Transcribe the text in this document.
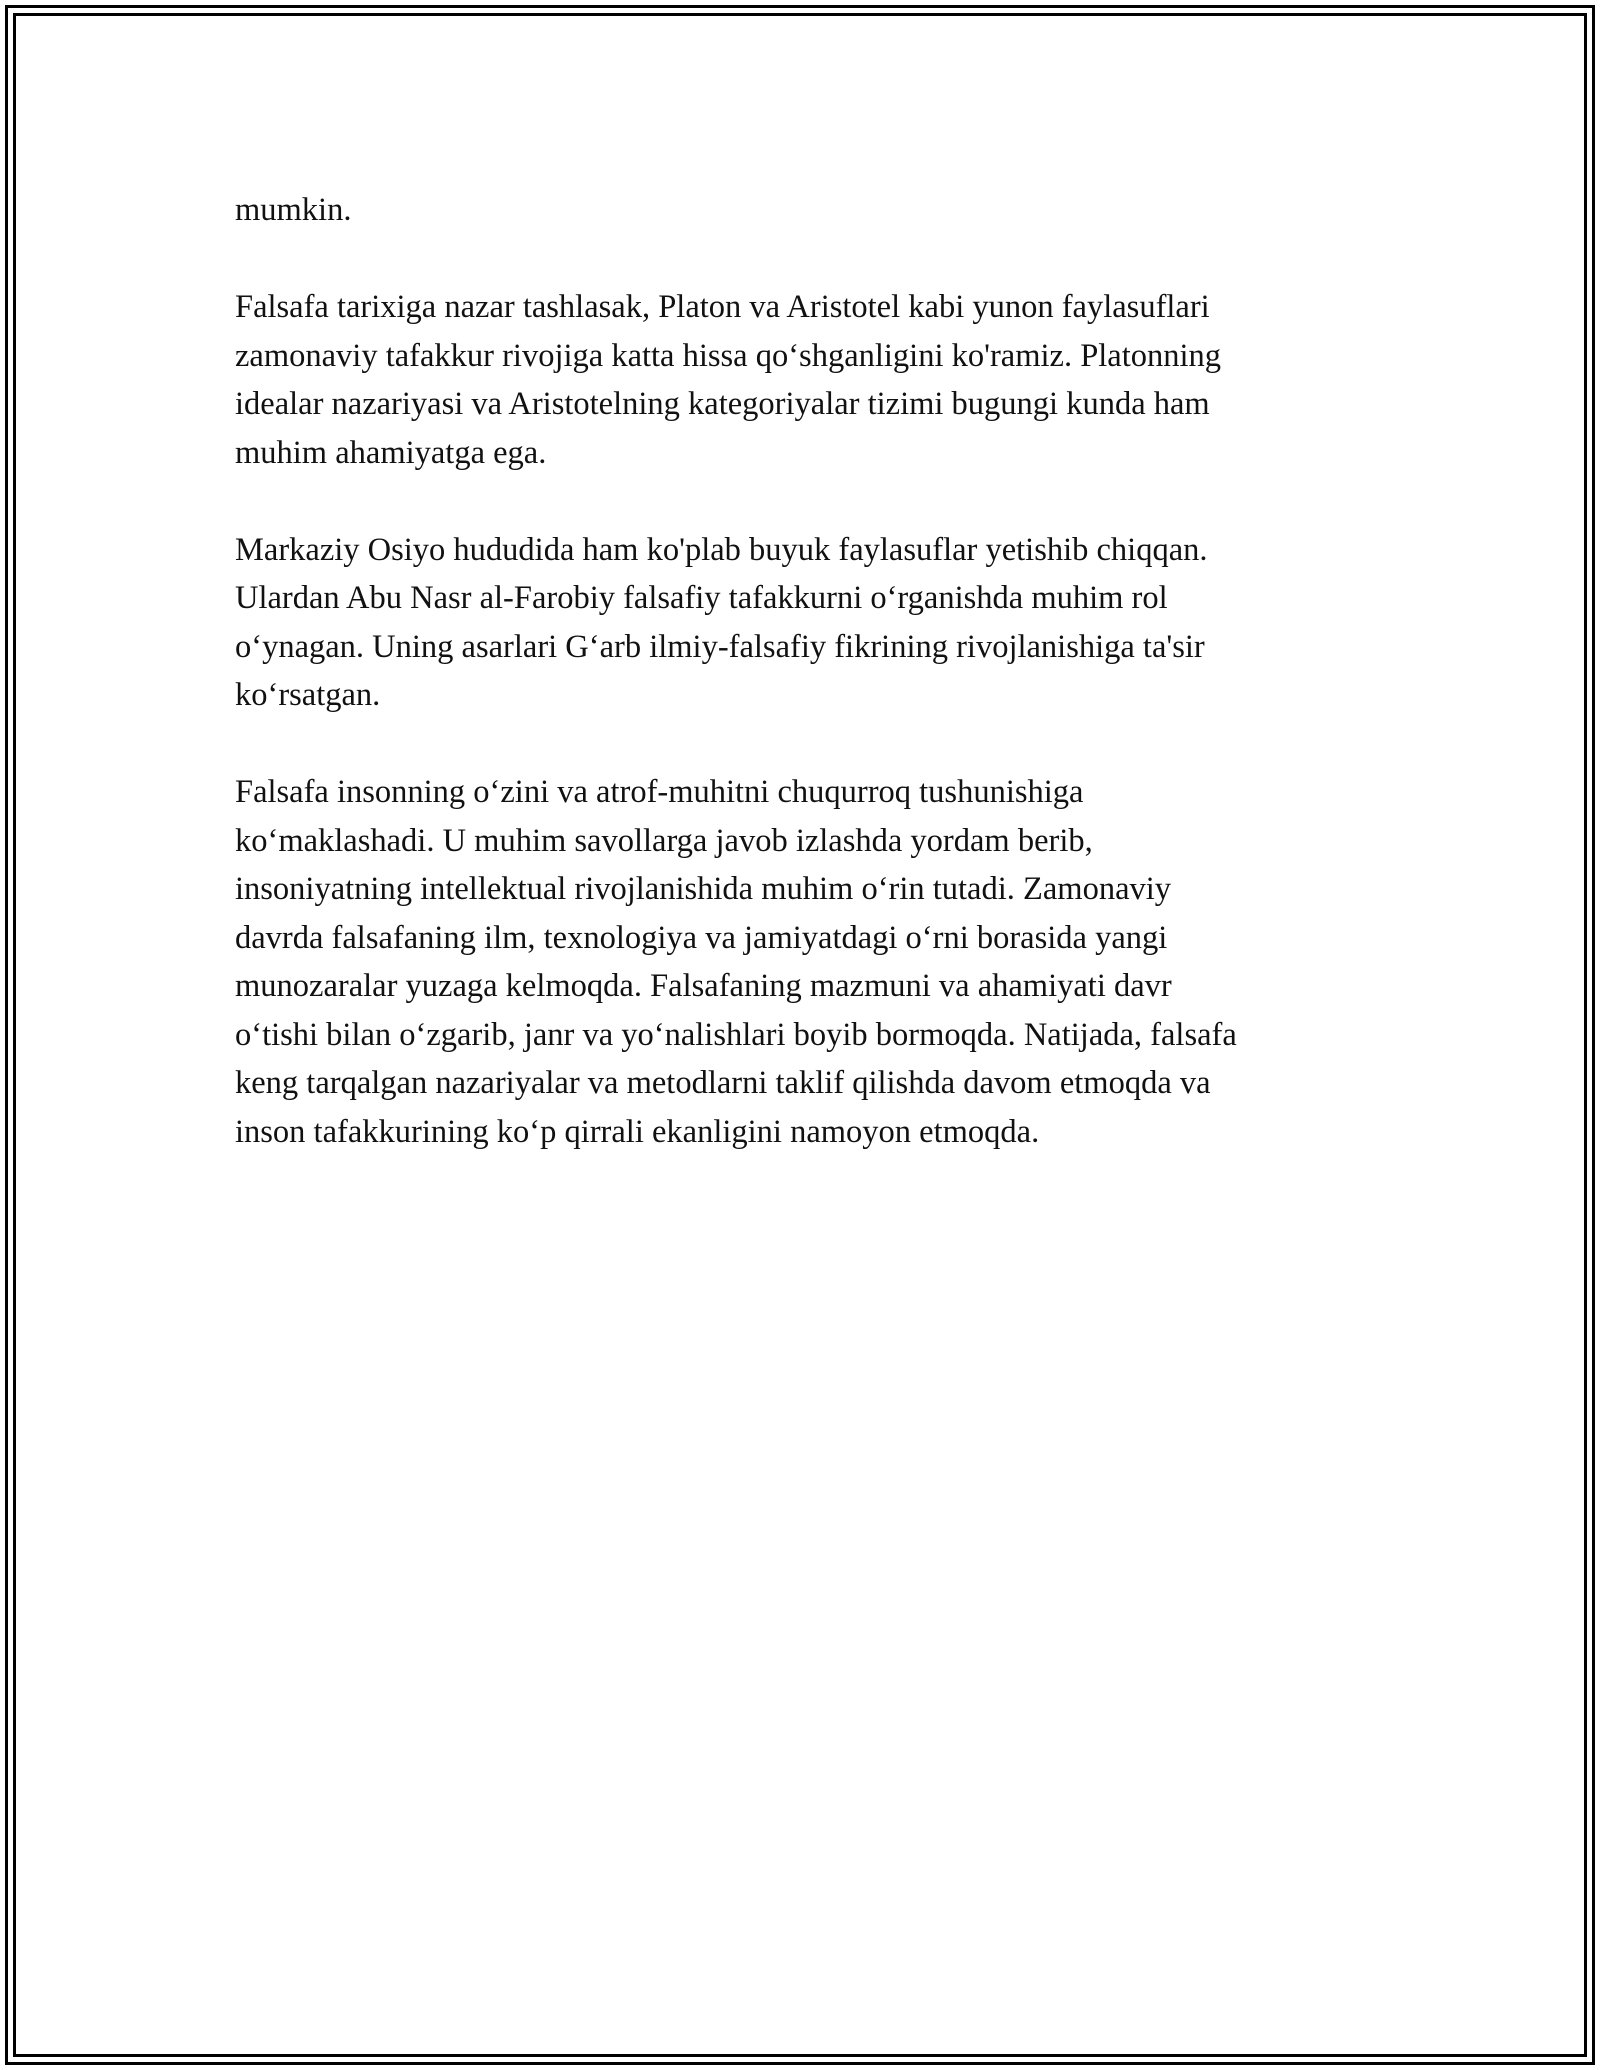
mumkin.

Falsafa tarixiga nazar tashlasak, Platon va Aristotel kabi yunon faylasuflari
zamonaviy tafakkur rivojiga katta hissa qo‘shganligini ko'ramiz. Platonning
idealar nazariyasi va Aristotelning kategoriyalar tizimi bugungi kunda ham
muhim ahamiyatga ega.

Markaziy Osiyo hududida ham ko'plab buyuk faylasuflar yetishib chiqqan.
Ulardan Abu Nasr al-Farobiy falsafiy tafakkurni o‘rganishda muhim rol
o‘ynagan. Uning asarlari G‘arb ilmiy-falsafiy fikrining rivojlanishiga ta'sir
ko‘rsatgan.

Falsafa insonning o‘zini va atrof-muhitni chuqurroq tushunishiga
ko‘maklashadi. U muhim savollarga javob izlashda yordam berib,
insoniyatning intellektual rivojlanishida muhim o‘rin tutadi. Zamonaviy
davrda falsafaning ilm, texnologiya va jamiyatdagi o‘rni borasida yangi
munozaralar yuzaga kelmoqda. Falsafaning mazmuni va ahamiyati davr
o‘tishi bilan o‘zgarib, janr va yo‘nalishlari boyib bormoqda. Natijada, falsafa
keng tarqalgan nazariyalar va metodlarni taklif qilishda davom etmoqda va
inson tafakkurining ko‘p qirrali ekanligini namoyon etmoqda.
